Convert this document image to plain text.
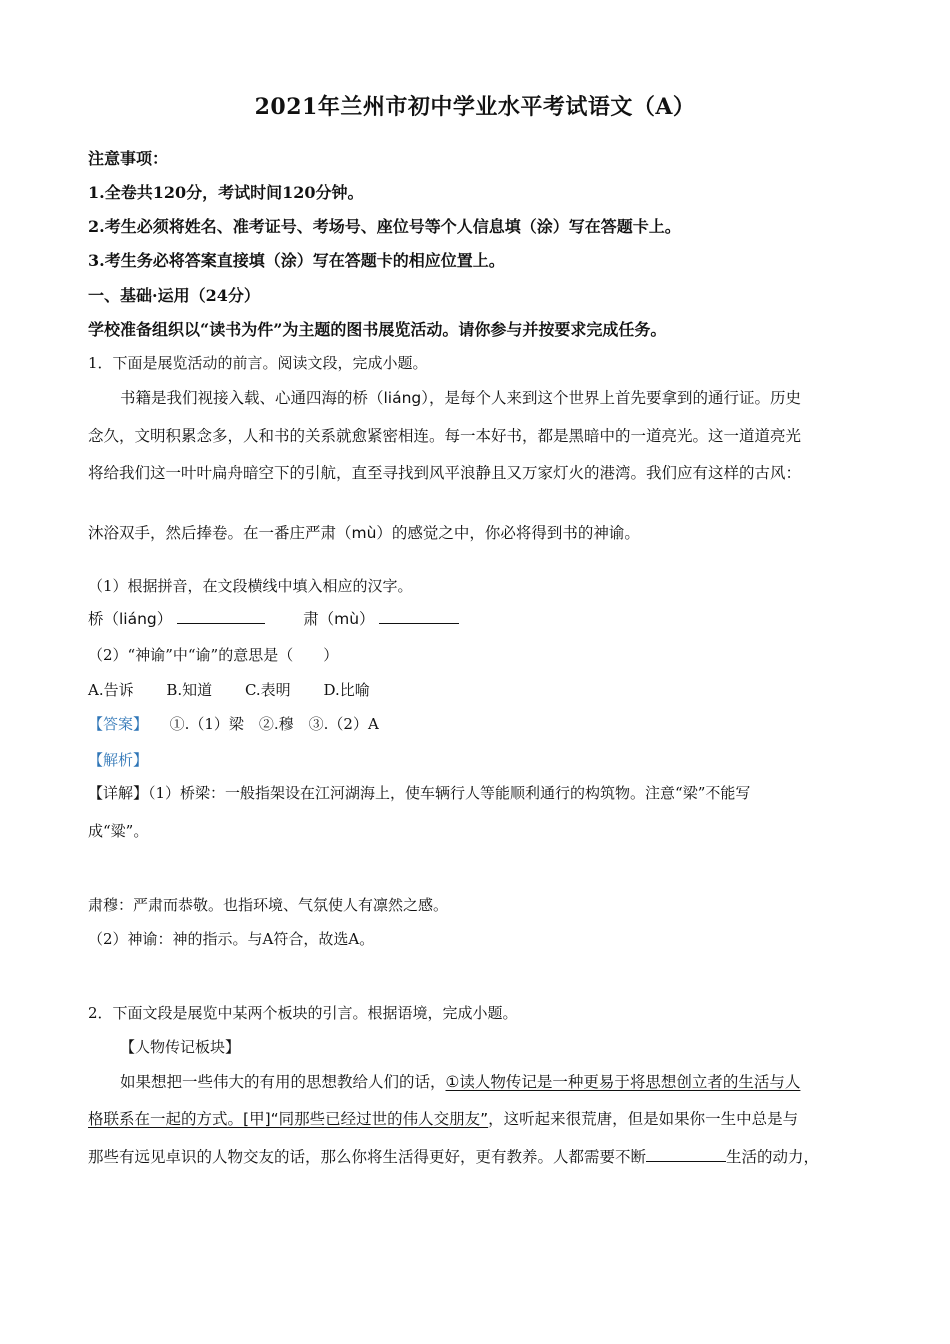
2021年兰州市初中学业水平考试语文（A）
注意事项：
1.全卷共120分，考试时间120分钟。
2.考生必须将姓名、准考证号、考场号、座位号等个人信息填（涂）写在答题卡上。
3.考生务必将答案直接填（涂）写在答题卡的相应位置上。
一、基础·运用（24分）
学校准备组织以“读书为件”为主题的图书展览活动。请你参与并按要求完成任务。
1．下面是展览活动的前言。阅读文段，完成小题。
书籍是我们视接入载、心通四海的桥（liáng），是每个人来到这个世界上首先要拿到的通行证。历史
念久，文明积累念多，人和书的关系就愈紧密相连。每一本好书，都是黑暗中的一道亮光。这一道道亮光
将给我们这一叶叶扁舟暗空下的引航，直至寻找到风平浪静且又万家灯火的港湾。我们应有这样的古风：
沐浴双手，然后捧卷。在一番庄严肃（mù）的感觉之中，你必将得到书的神谕。
（1）根据拼音，在文段横线中填入相应的汉字。
桥（liáng）	肃（mù）
（2）“神谕”中“谕”的意思是（　　）
A.告诉 B.知道 C.表明 D.比喻
【答案】 ①.（1）梁　②.穆　③.（2）A
【解析】
【详解】（1）桥梁：一般指架设在江河湖海上，使车辆行人等能顺利通行的构筑物。注意“梁”不能写
成“粱”。
肃穆：严肃而恭敬。也指环境、气氛使人有凛然之感。
（2）神谕：神的指示。与A符合，故选A。
2．下面文段是展览中某两个板块的引言。根据语境，完成小题。
【人物传记板块】
如果想把一些伟大的有用的思想教给人们的话，①读人物传记是一种更易于将思想创立者的生活与人
格联系在一起的方式。[甲]“同那些已经过世的伟人交朋友”，这听起来很荒唐，但是如果你一生中总是与
那些有远见卓识的人物交友的话，那么你将生活得更好，更有教养。人都需要不断	生活的动力，
